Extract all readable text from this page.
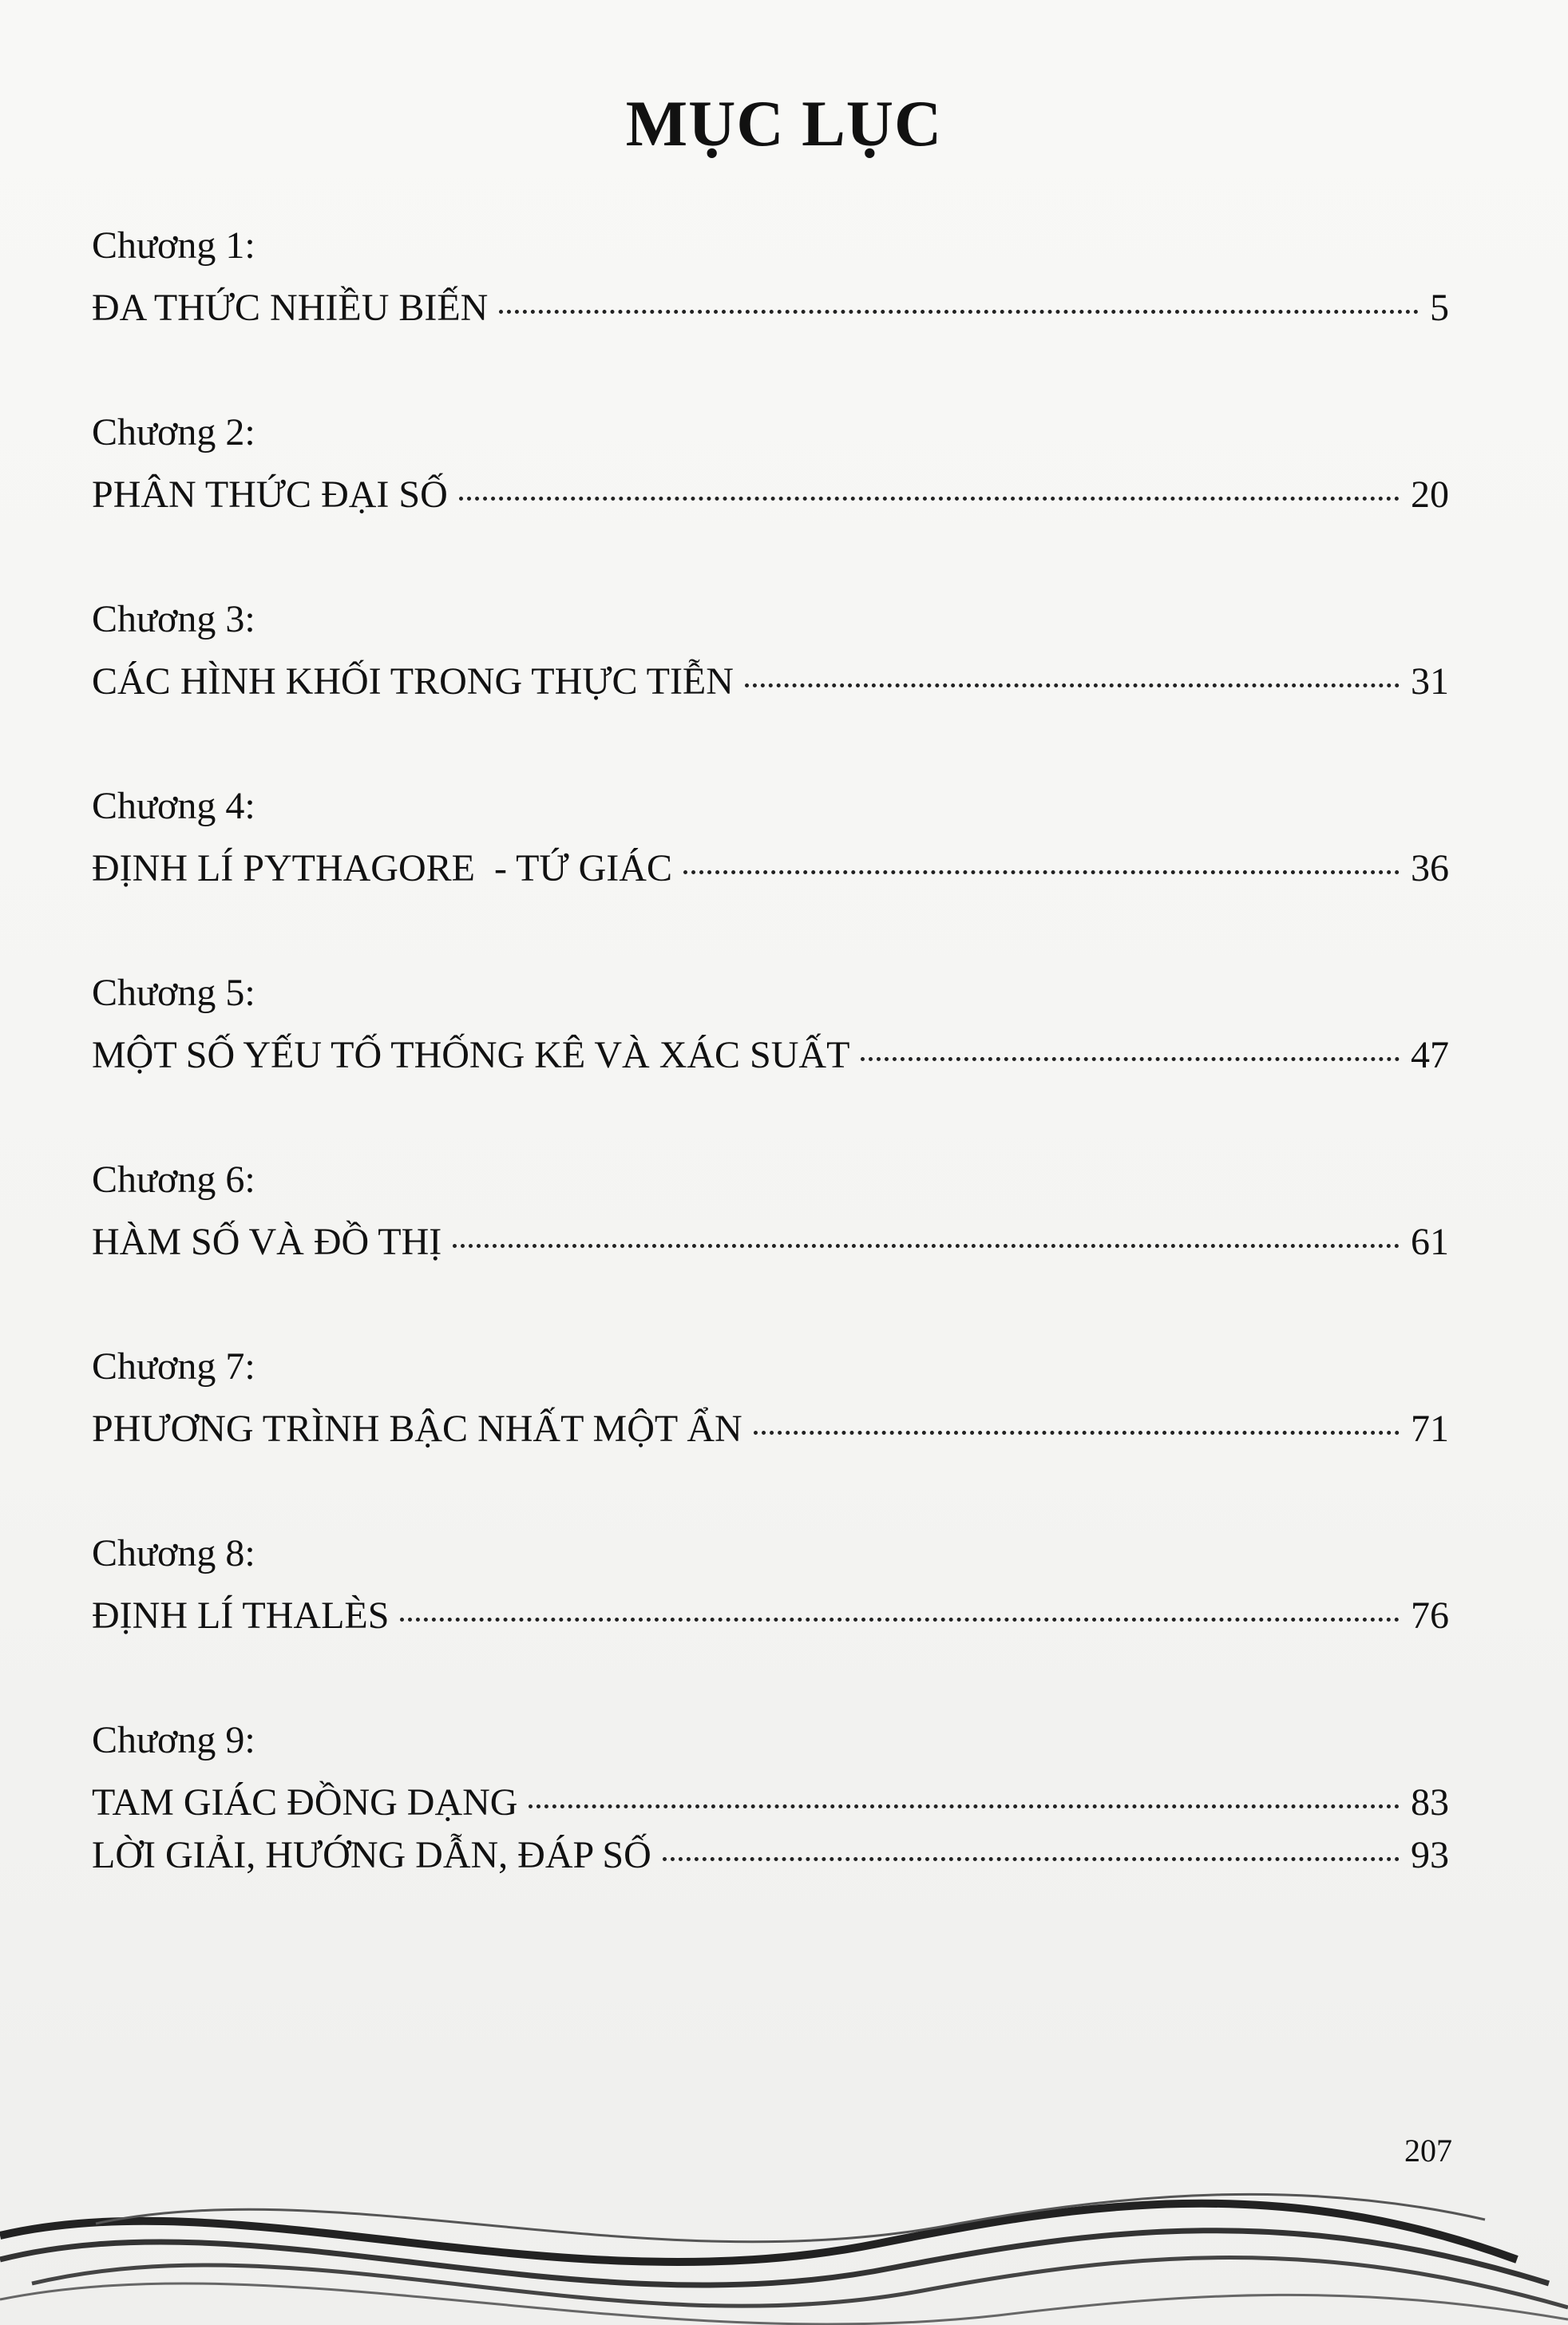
MỤC LỤC
Chương 1:
ĐA THỨC NHIỀU BIẾN	5
Chương 2:
PHÂN THỨC ĐẠI SỐ	20
Chương 3:
CÁC HÌNH KHỐI TRONG THỰC TIỄN	31
Chương 4:
ĐỊNH LÍ PYTHAGORE  - TỨ GIÁC	36
Chương 5:
MỘT SỐ YẾU TỐ THỐNG KÊ VÀ XÁC SUẤT	47
Chương 6:
HÀM SỐ VÀ ĐỒ THỊ	61
Chương 7:
PHƯƠNG TRÌNH BẬC NHẤT MỘT ẨN	71
Chương 8:
ĐỊNH LÍ THALÈS	76
Chương 9:
TAM GIÁC ĐỒNG DẠNG	83
LỜI GIẢI, HƯỚNG DẪN, ĐÁP SỐ	93
207
